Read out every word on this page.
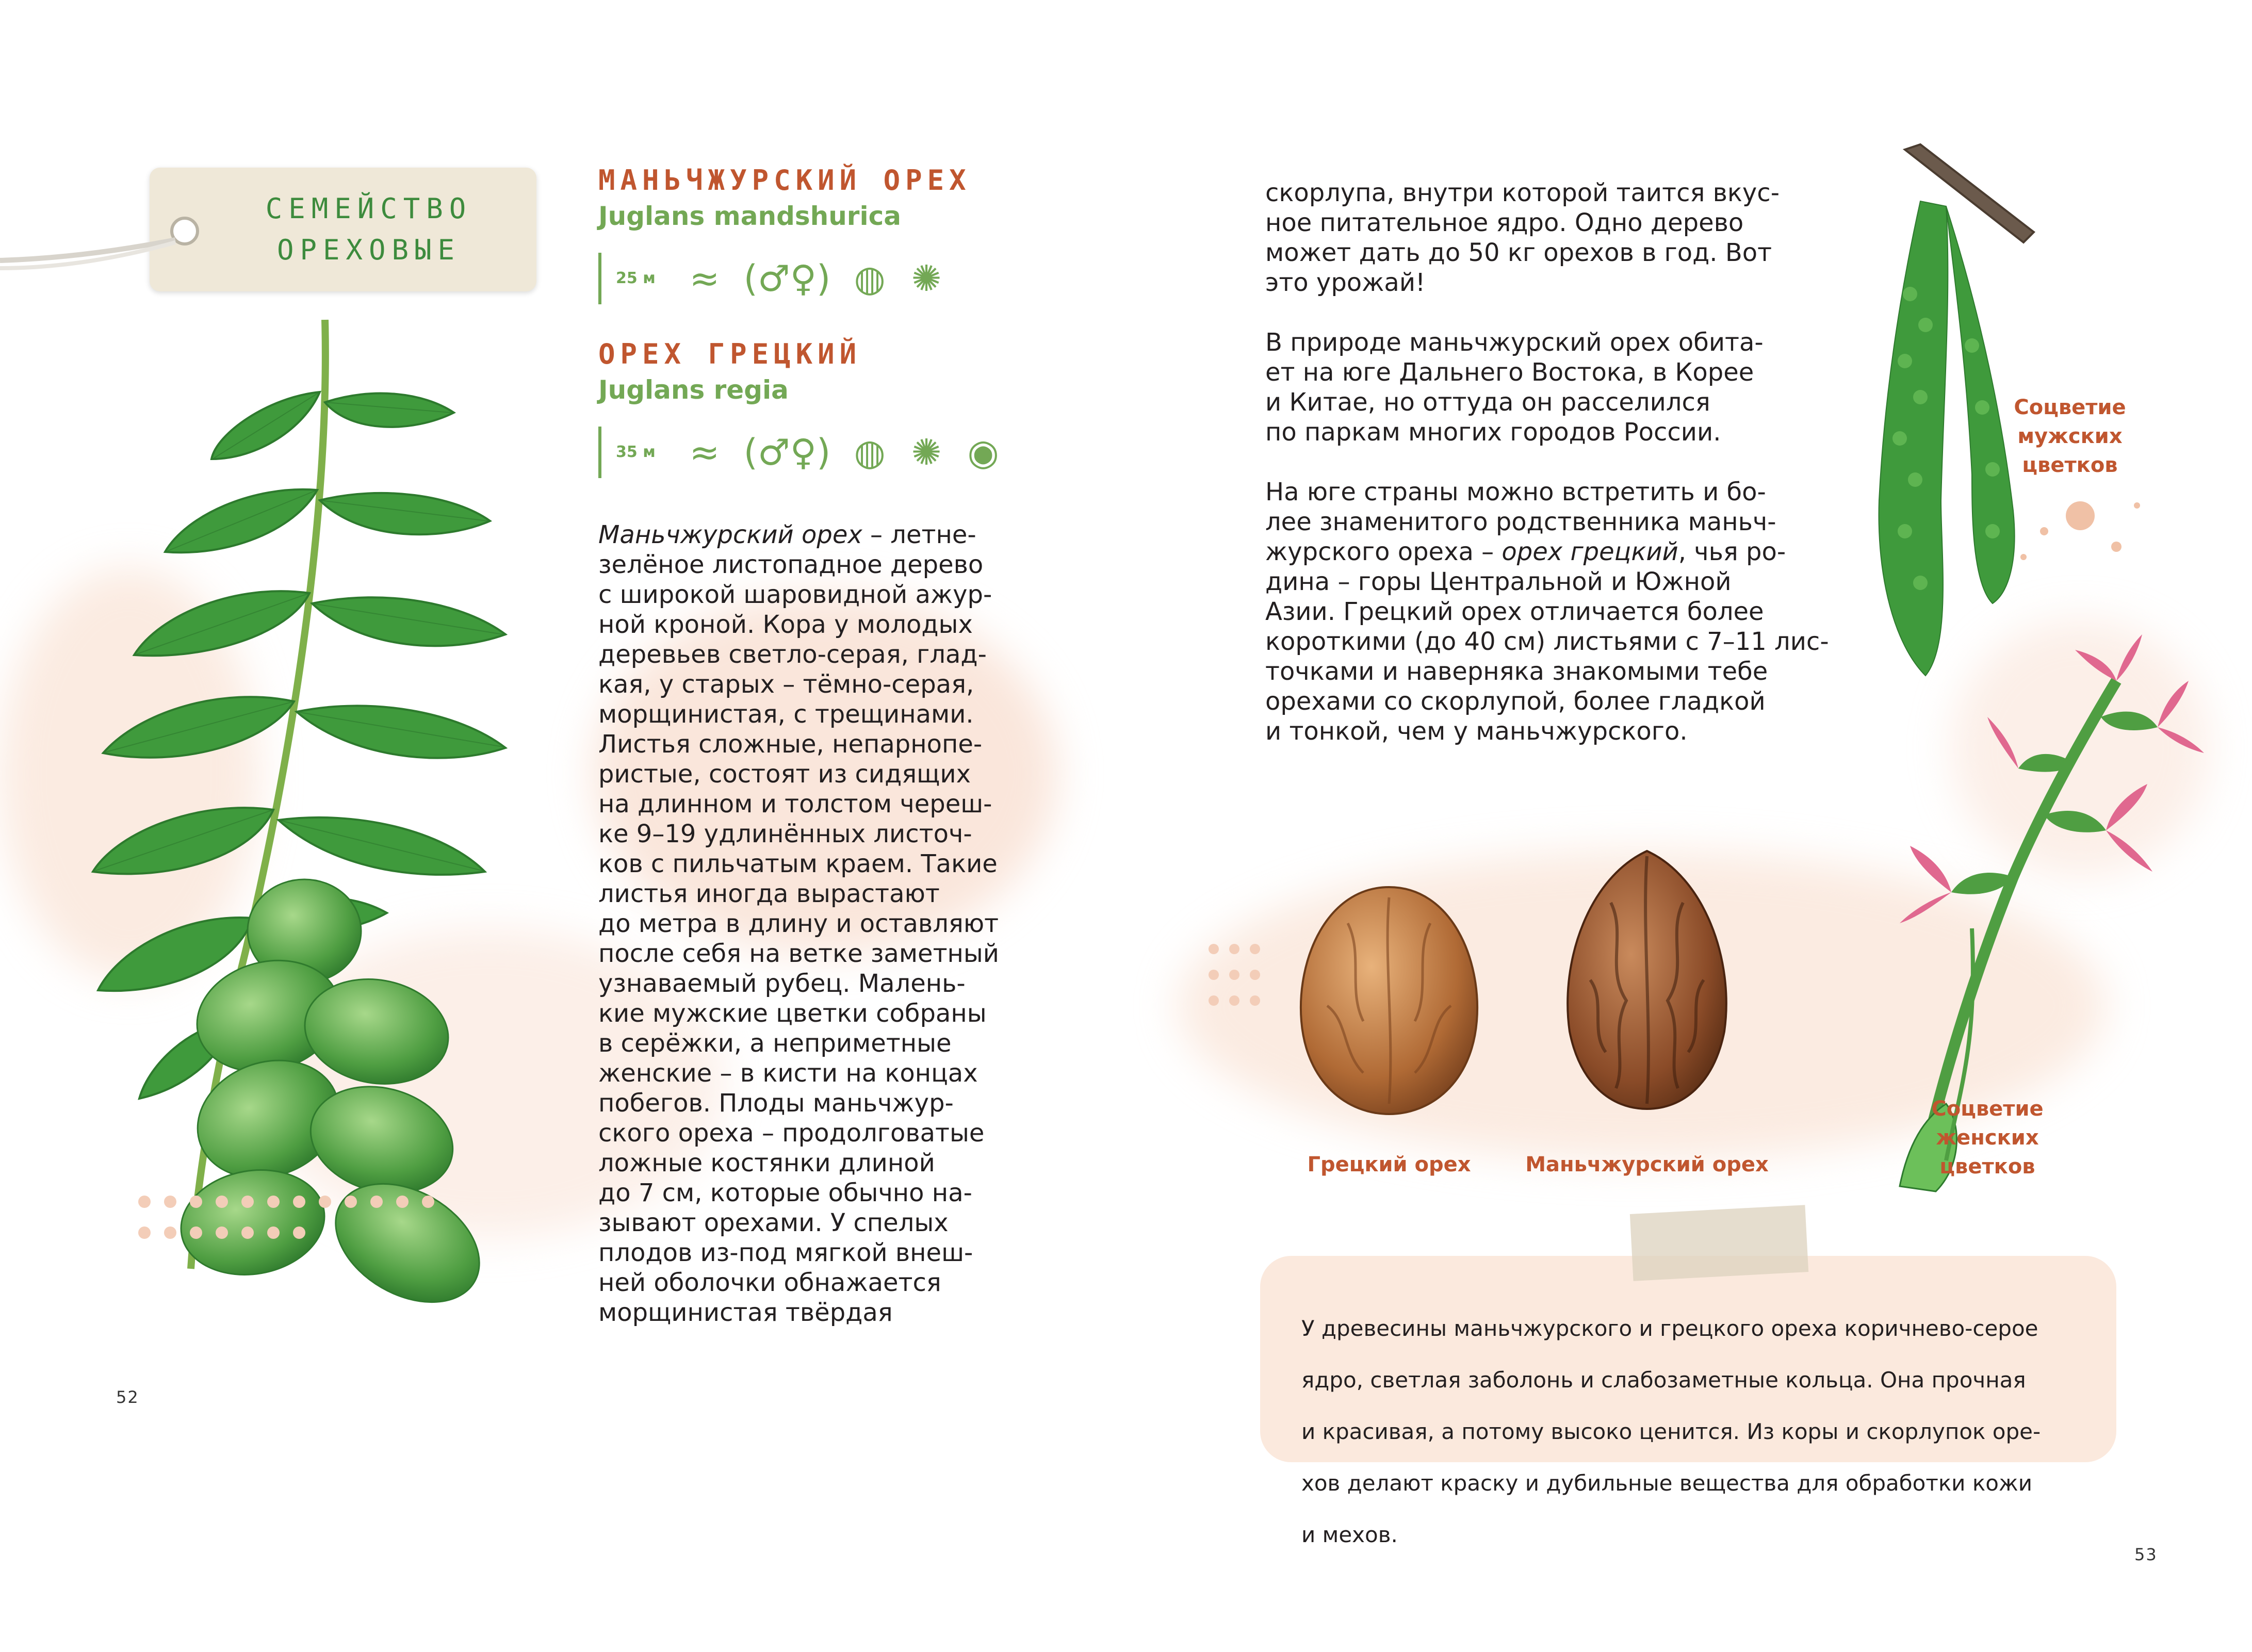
СЕМЕЙСТВО
ОРЕХОВЫЕ
МАНЬЧЖУРСКИЙ ОРЕХ
Juglans mandshurica
25 м ≈ (♂♀) ◍ ✺
ОРЕХ ГРЕЦКИЙ
Juglans regia
35 м ≈ (♂♀) ◍ ✺ ◉

Маньчжурский орех – летне-

зелёное листопадное дерево

с широкой шаровидной ажур-

ной кроной. Кора у молодых

деревьев светло-серая, глад-

кая, у старых – тёмно-серая,

морщинистая, с трещинами.

Листья сложные, непарнопе-

ристые, состоят из сидящих

на длинном и толстом череш-

ке 9–19 удлинённых листоч-

ков с пильчатым краем. Такие

листья иногда вырастают

до метра в длину и оставляют

после себя на ветке заметный

узнаваемый рубец. Малень-

кие мужские цветки собраны

в серёжки, а неприметные

женские – в кисти на концах

побегов. Плоды маньчжур-

ского ореха – продолговатые

ложные костянки длиной

до 7 см, которые обычно на-

зывают орехами. У спелых

плодов из-под мягкой внеш-

ней оболочки обнажается

морщинистая твёрдая

52

скорлупа, внутри которой таится вкус-

ное питательное ядро. Одно дерево

может дать до 50 кг орехов в год. Вот

это урожай!

В природе маньчжурский орех обита-

ет на юге Дальнего Востока, в Корее

и Китае, но оттуда он расселился

по паркам многих городов России.

На юге страны можно встретить и бо-

лее знаменитого родственника маньч-

журского ореха – орех грецкий, чья ро-

дина – горы Центральной и Южной

Азии. Грецкий орех отличается более

короткими (до 40 см) листьями с 7–11 лис-

точками и наверняка знакомыми тебе

орехами со скорлупой, более гладкой

и тонкой, чем у маньчжурского.

Соцветие
мужских
цветков
Соцветие
женских
цветков
Грецкий орех	Маньчжурский орех

У древесины маньчжурского и грецкого ореха коричнево-серое

ядро, светлая заболонь и слабозаметные кольца. Она прочная

и красивая, а потому высоко ценится. Из коры и скорлупок оре-

хов делают краску и дубильные вещества для обработки кожи

и мехов.

53
